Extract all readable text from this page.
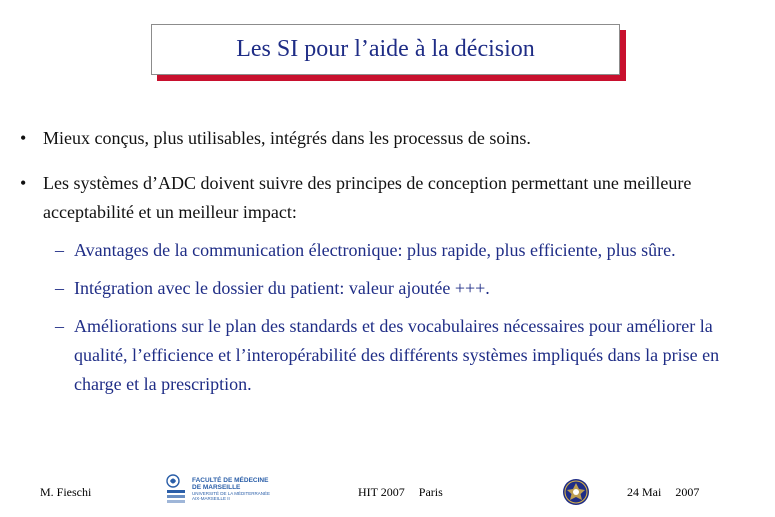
Les SI pour l’aide à la décision
• Mieux conçus, plus utilisables, intégrés dans les processus de soins.
• Les systèmes d’ADC doivent suivre des principes de conception permettant une meilleure acceptabilité et un meilleur impact:
– Avantages de la communication électronique: plus rapide, plus efficiente, plus sûre.
– Intégration avec le dossier du patient: valeur ajoutée +++.
– Améliorations sur le plan des standards et des vocabulaires nécessaires pour améliorer la qualité, l’efficience et l’interopérabilité des différents systèmes impliqués dans la prise en charge et la prescription.
M. Fieschi
FACULTÉ DE MÉDECINE
DE MARSEILLE
UNIVERSITÉ DE LA MÉDITERRANÉE
AIX-MARSEILLE II	HIT 2007 Paris	24 Mai 2007
